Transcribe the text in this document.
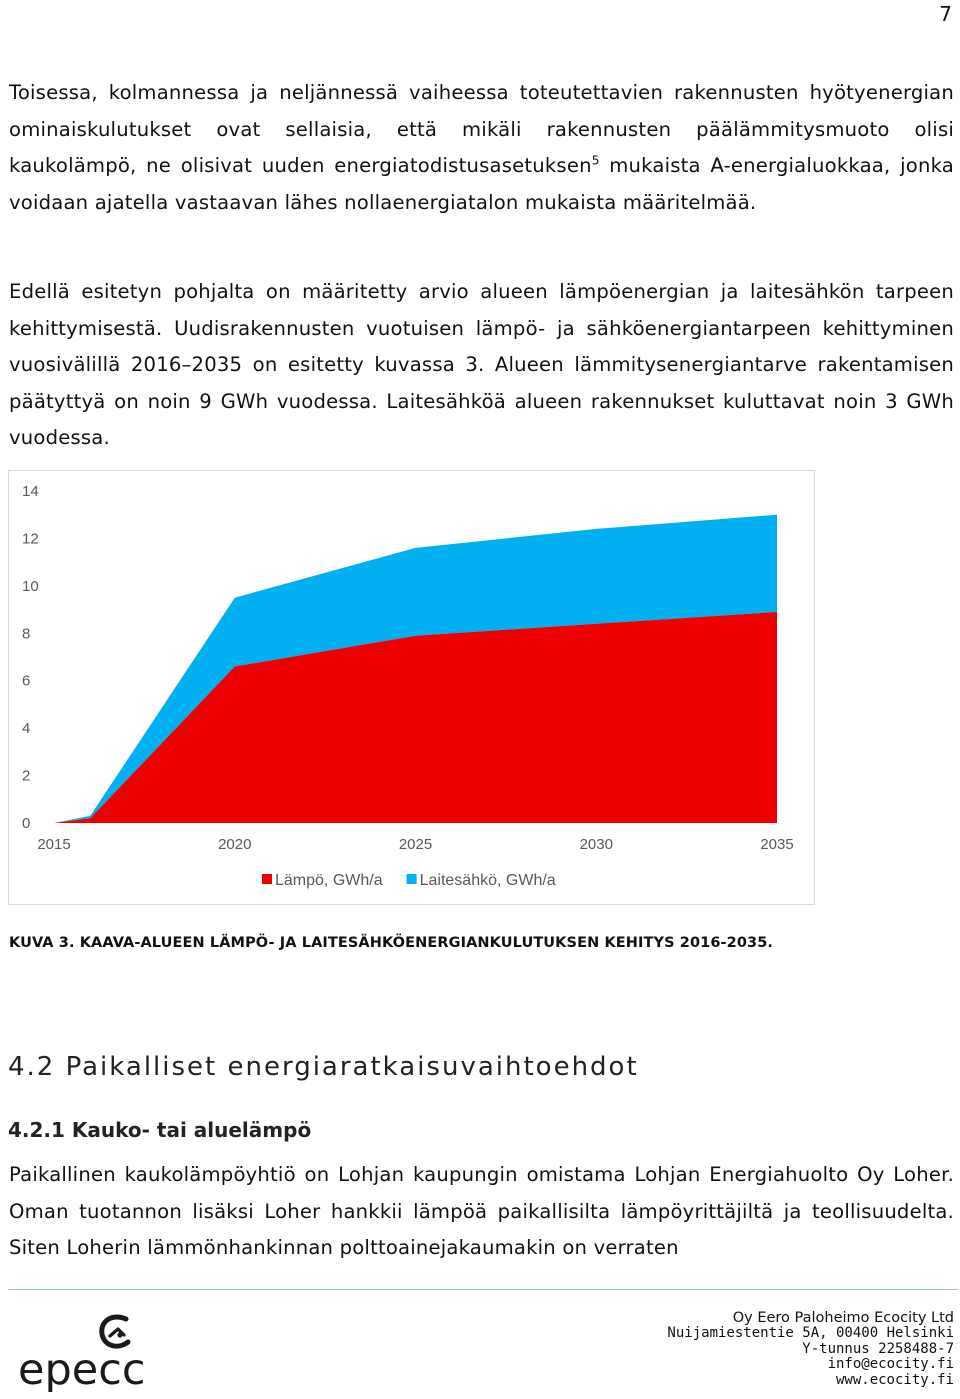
7

Toisessa, kolmannessa ja neljännessä vaiheessa toteutettavien rakennusten hyötyenergian ominaiskulutukset ovat sellaisia, että mikäli rakennusten päälämmitysmuoto olisi kaukolämpö, ne olisivat uuden energiatodistusasetuksen$^5$ mukaista A-energialuokkaa, jonka voidaan ajatella vastaavan lähes nollaenergiatalon mukaista määritelmää.

Edellä esitetyn pohjalta on määritetty arvio alueen lämpöenergian ja laitesähkön tarpeen kehittymisestä. Uudisrakennusten vuotuisen lämpö- ja sähköenergiantarpeen kehittyminen vuosivälillä 2016–2035 on esitetty kuvassa 3. Alueen lämmitysenergiantarve rakentamisen päätyttyä on noin 9 GWh vuodessa. Laitesähköä alueen rakennukset kuluttavat noin 3 GWh vuodessa.

0
2
4
6
8
10
12
14
2015	2020	2025	2030	2035
Lämpö, GWh/a Laitesähkö, GWh/a

KUVA 3. KAAVA-ALUEEN LÄMPÖ- JA LAITESÄHKÖENERGIANKULUTUKSEN KEHITYS 2016-2035.

4.2 Paikalliset energiaratkaisuvaihtoehdot
4.2.1 Kauko- tai aluelämpö

Paikallinen kaukolämpöyhtiö on Lohjan kaupungin omistama Lohjan Energiahuolto Oy Loher. Oman tuotannon lisäksi Loher hankkii lämpöä paikallisilta lämpöyrittäjiltä ja teollisuudelta. Siten Loherin lämmönhankinnan polttoainejakaumakin on verraten

epecc
Oy Eero Paloheimo Ecocity Ltd
Nuijamiestentie 5A, 00400 Helsinki
Y-tunnus 2258488-7
info@ecocity.fi
www.ecocity.fi
